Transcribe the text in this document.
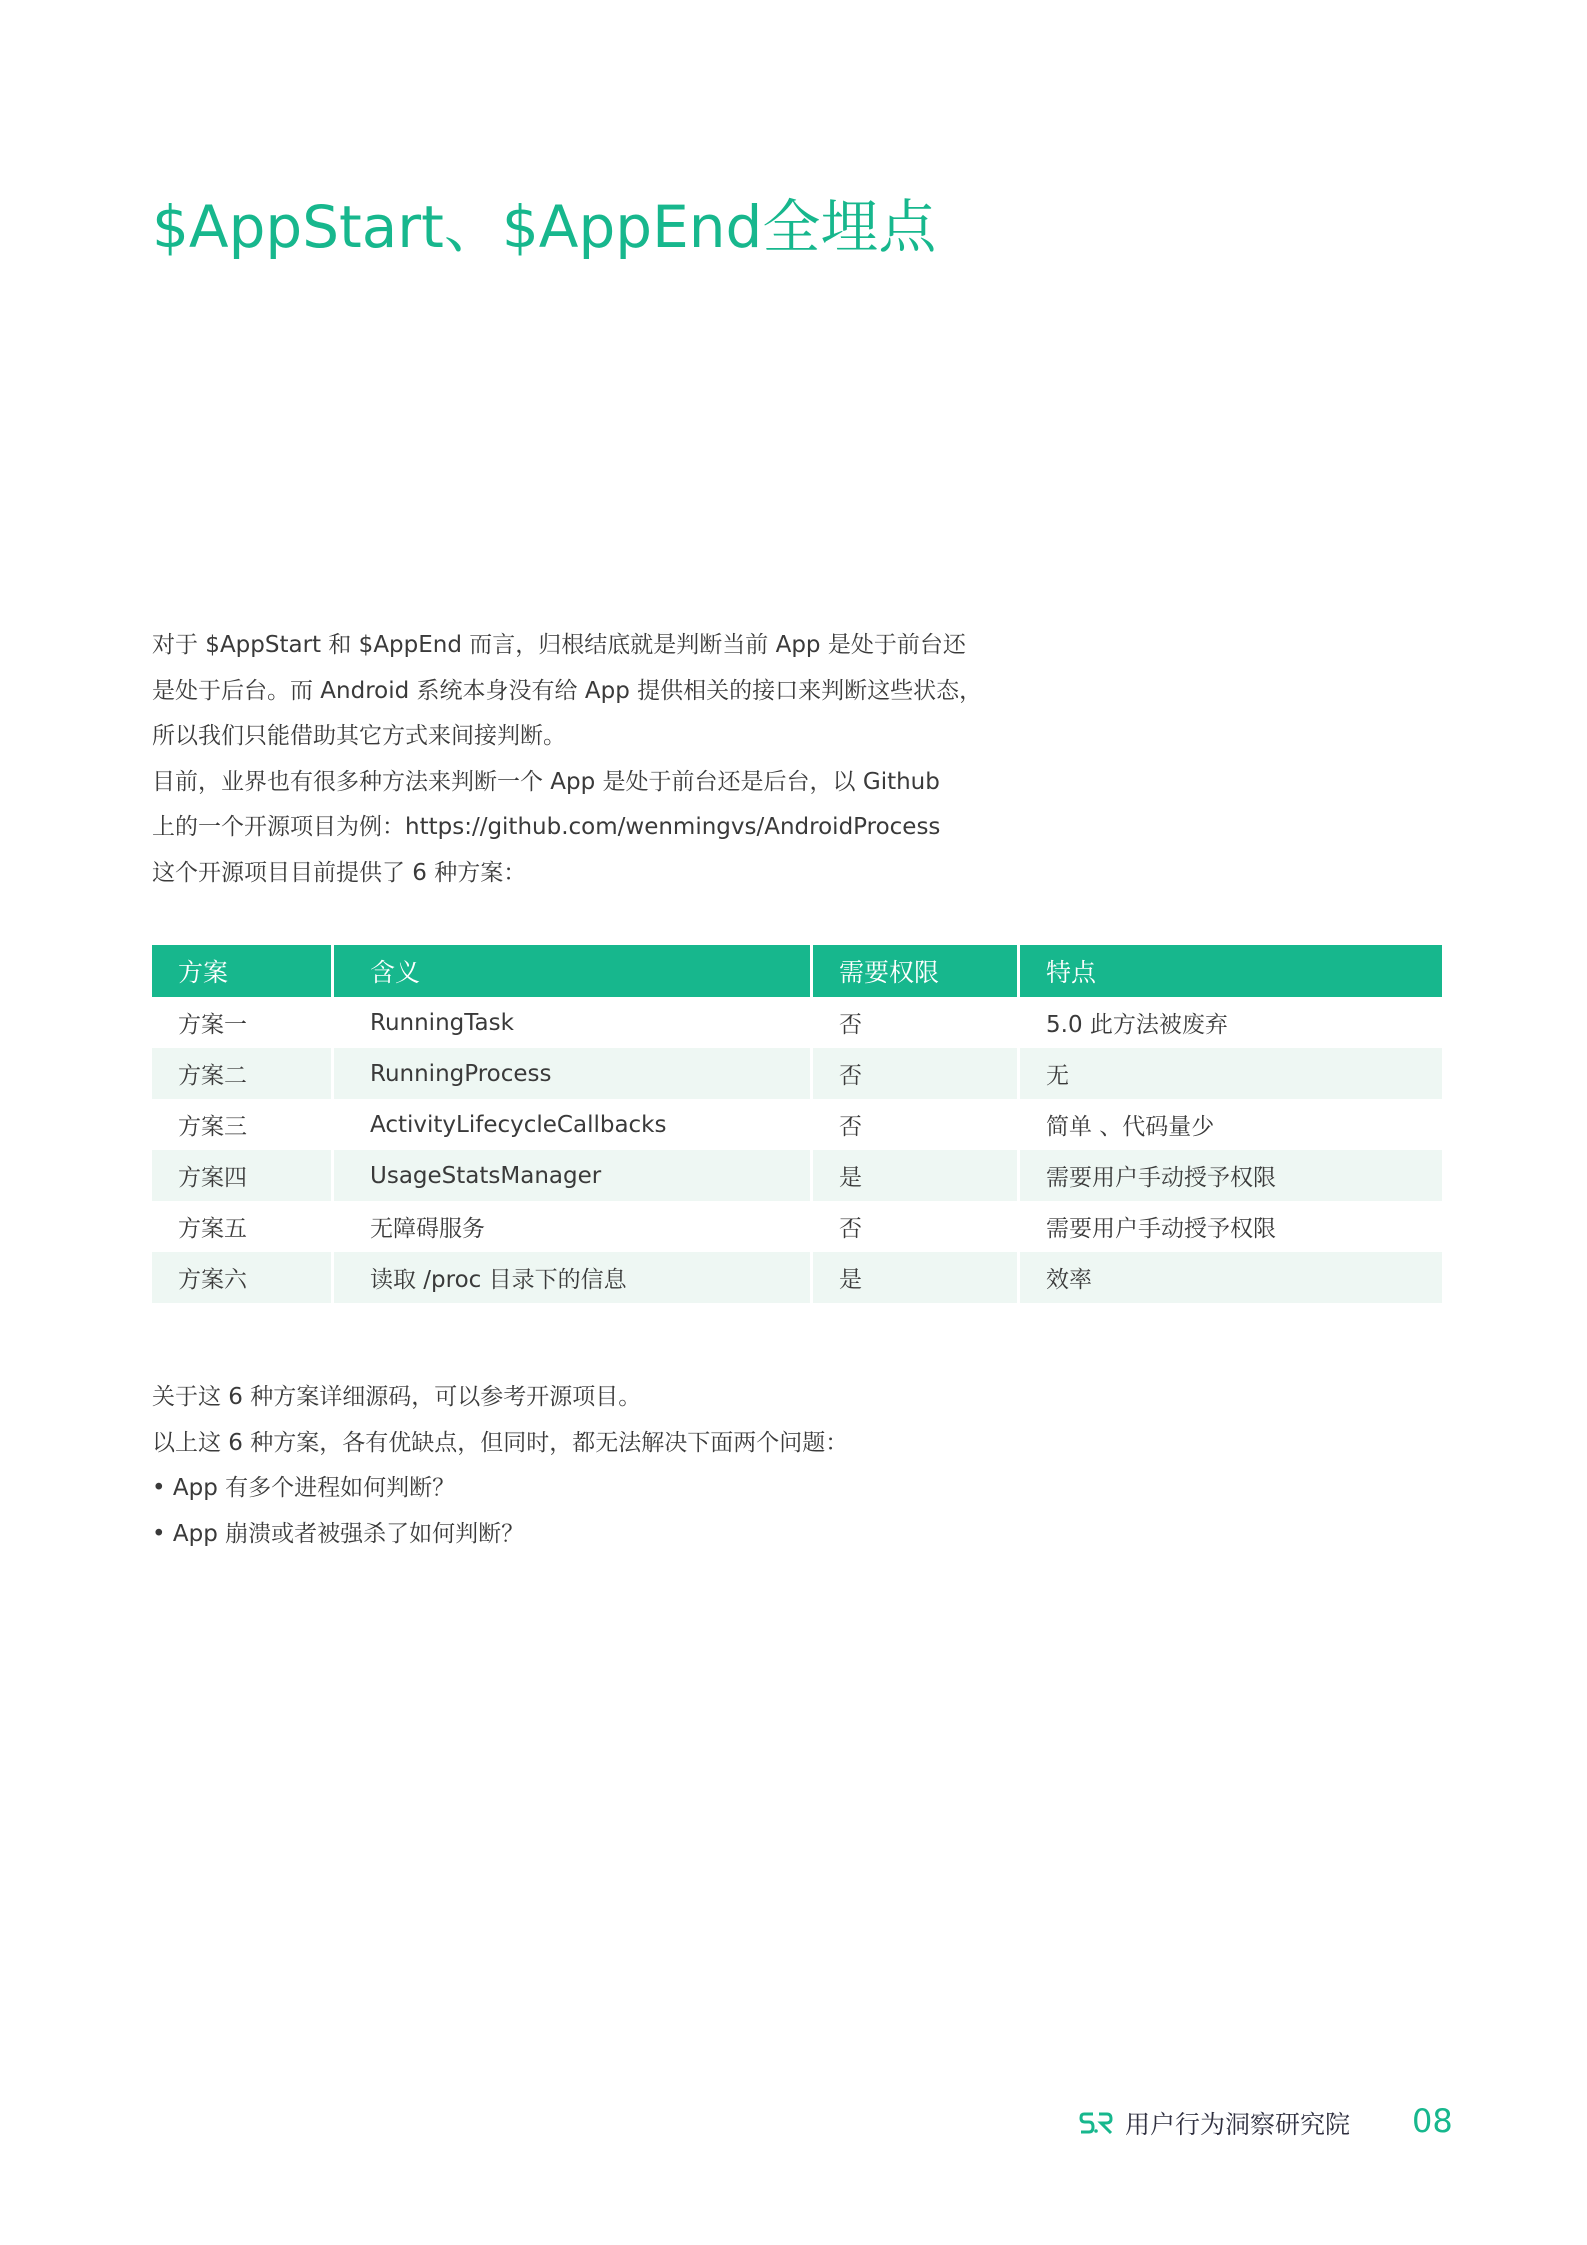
$AppStart、$AppEnd全埋点
对于 $AppStart 和 $AppEnd 而言，归根结底就是判断当前 App 是处于前台还
是处于后台。而 Android 系统本身没有给 App 提供相关的接口来判断这些状态，
所以我们只能借助其它方式来间接判断。
目前，业界也有很多种方法来判断一个 App 是处于前台还是后台，以 Github
上的一个开源项目为例：https://github.com/wenmingvs/AndroidProcess
这个开源项目目前提供了 6 种方案：
方案	含义	需要权限	特点
方案一	RunningTask	否	5.0 此方法被废弃
方案二	RunningProcess	否	无
方案三	ActivityLifecycleCallbacks	否	简单 、代码量少
方案四	UsageStatsManager	是	需要用户手动授予权限
方案五	无障碍服务	否	需要用户手动授予权限
方案六	读取 /proc 目录下的信息	是	效率
关于这 6 种方案详细源码，可以参考开源项目。
以上这 6 种方案，各有优缺点，但同时，都无法解决下面两个问题：
• App 有多个进程如何判断？
• App 崩溃或者被强杀了如何判断？
用户行为洞察研究院 08
